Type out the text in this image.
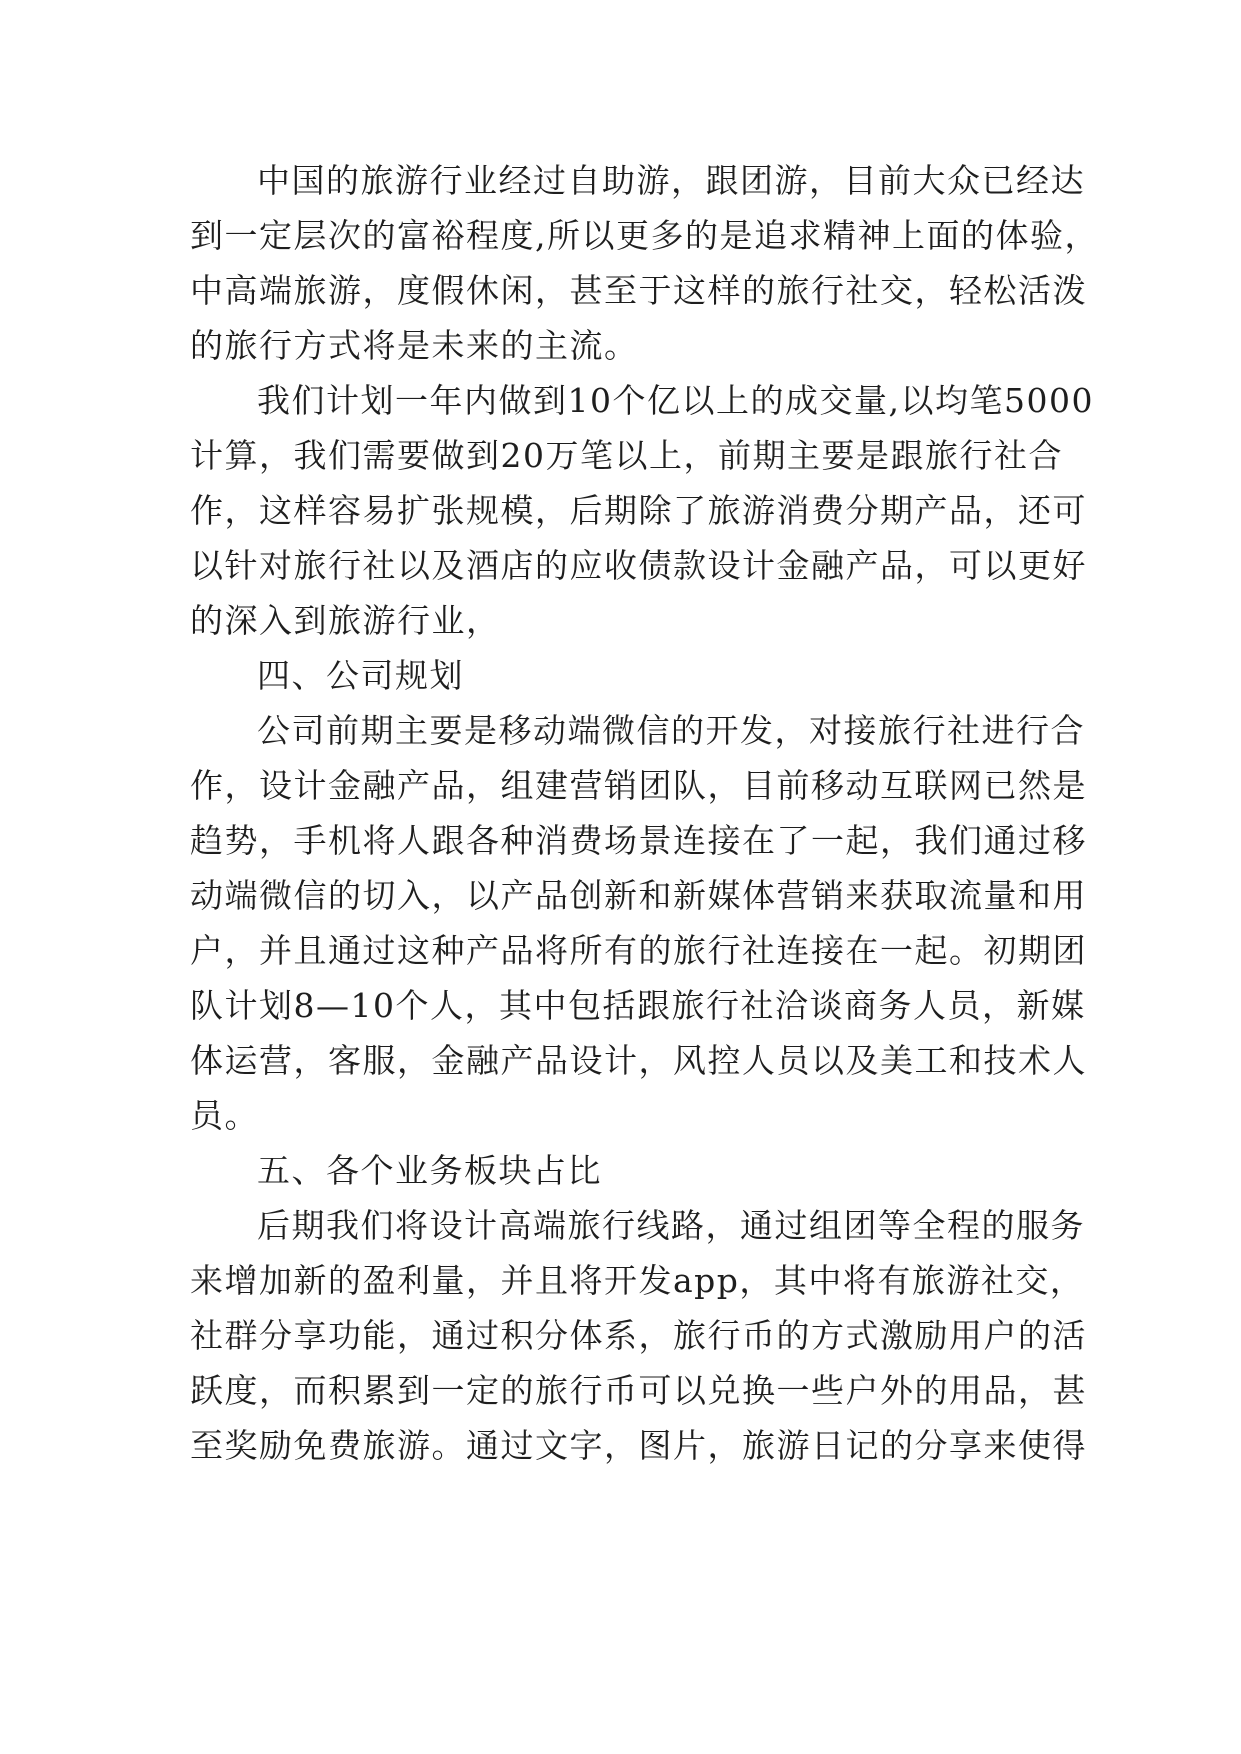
中国的旅游行业经过自助游，跟团游，目前大众已经达

到一定层次的富裕程度,所以更多的是追求精神上面的体验，

中高端旅游，度假休闲，甚至于这样的旅行社交，轻松活泼

的旅行方式将是未来的主流。

我们计划一年内做到10个亿以上的成交量,以均笔5000

计算，我们需要做到20万笔以上，前期主要是跟旅行社合

作，这样容易扩张规模，后期除了旅游消费分期产品，还可

以针对旅行社以及酒店的应收债款设计金融产品，可以更好

的深入到旅游行业，

四、公司规划

公司前期主要是移动端微信的开发，对接旅行社进行合

作，设计金融产品，组建营销团队，目前移动互联网已然是

趋势，手机将人跟各种消费场景连接在了一起，我们通过移

动端微信的切入，以产品创新和新媒体营销来获取流量和用

户，并且通过这种产品将所有的旅行社连接在一起。初期团

队计划8—10个人，其中包括跟旅行社洽谈商务人员，新媒

体运营，客服，金融产品设计，风控人员以及美工和技术人

员。

五、各个业务板块占比

后期我们将设计高端旅行线路，通过组团等全程的服务

来增加新的盈利量，并且将开发app，其中将有旅游社交，

社群分享功能，通过积分体系，旅行币的方式激励用户的活

跃度，而积累到一定的旅行币可以兑换一些户外的用品，甚

至奖励免费旅游。通过文字，图片，旅游日记的分享来使得
